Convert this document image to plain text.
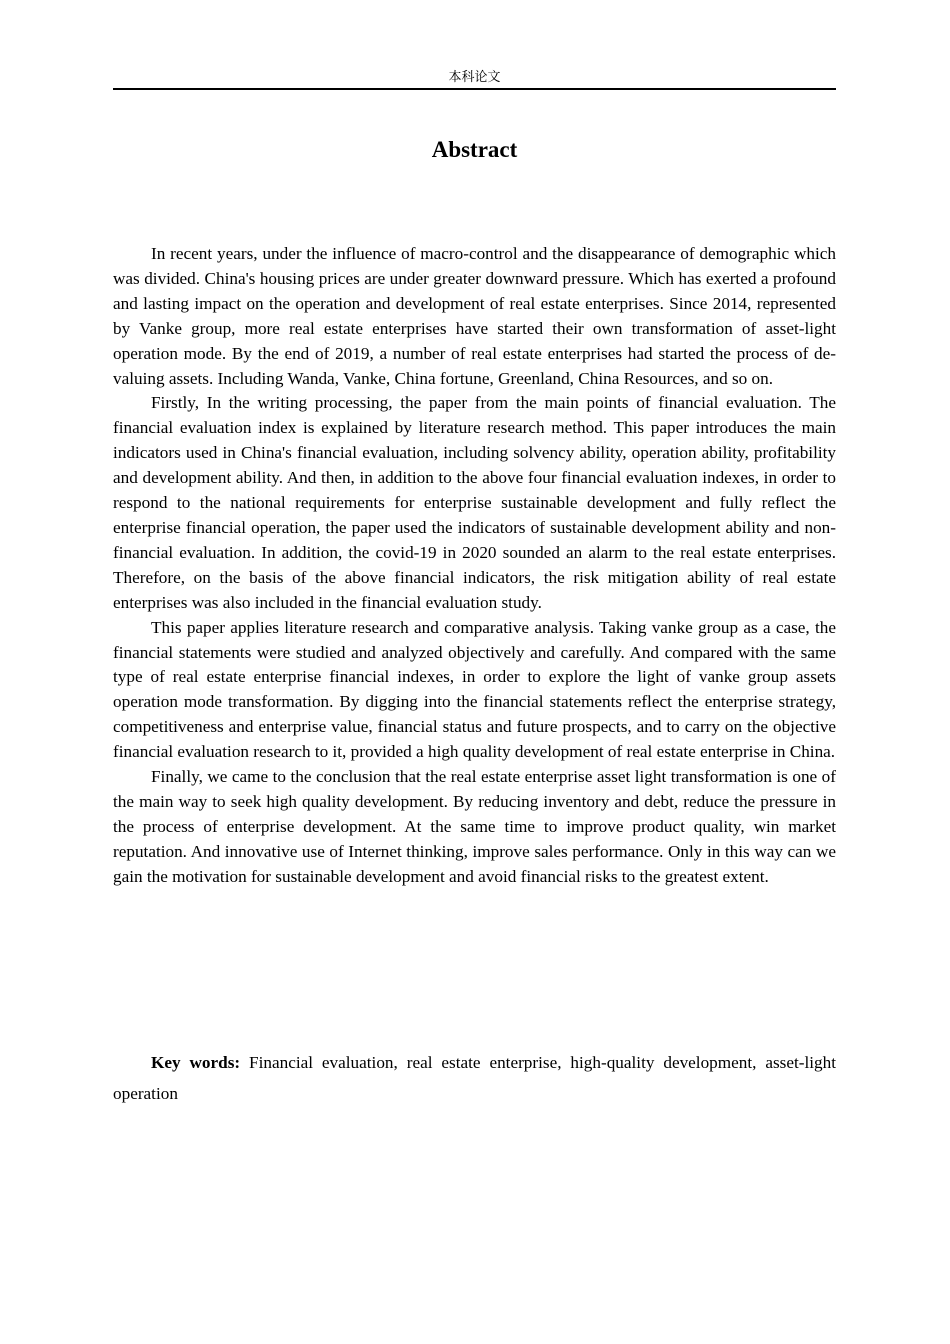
本科论文
Abstract

In recent years, under the influence of macro-control and the disappearance of demographic which was divided. China's housing prices are under greater downward pressure. Which has exerted a profound and lasting impact on the operation and development of real estate enterprises. Since 2014, represented by Vanke group, more real estate enterprises have started their own transformation of asset-light operation mode. By the end of 2019, a number of real estate enterprises had started the process of de-valuing assets. Including Wanda, Vanke, China fortune, Greenland, China Resources, and so on.

Firstly, In the writing processing, the paper from the main points of financial evaluation. The financial evaluation index is explained by literature research method. This paper introduces the main indicators used in China's financial evaluation, including solvency ability, operation ability, profitability and development ability. And then, in addition to the above four financial evaluation indexes, in order to respond to the national requirements for enterprise sustainable development and fully reflect the enterprise financial operation, the paper used the indicators of sustainable development ability and non-financial evaluation. In addition, the covid-19 in 2020 sounded an alarm to the real estate enterprises. Therefore, on the basis of the above financial indicators, the risk mitigation ability of real estate enterprises was also included in the financial evaluation study.

This paper applies literature research and comparative analysis. Taking vanke group as a case, the financial statements were studied and analyzed objectively and carefully. And compared with the same type of real estate enterprise financial indexes, in order to explore the light of vanke group assets operation mode transformation. By digging into the financial statements reflect the enterprise strategy, competitiveness and enterprise value, financial status and future prospects, and to carry on the objective financial evaluation research to it, provided a high quality development of real estate enterprise in China.

Finally, we came to the conclusion that the real estate enterprise asset light transformation is one of the main way to seek high quality development. By reducing inventory and debt, reduce the pressure in the process of enterprise development. At the same time to improve product quality, win market reputation. And innovative use of Internet thinking, improve sales performance. Only in this way can we gain the motivation for sustainable development and avoid financial risks to the greatest extent.

Key words: Financial evaluation, real estate enterprise, high-quality development, asset-light operation
